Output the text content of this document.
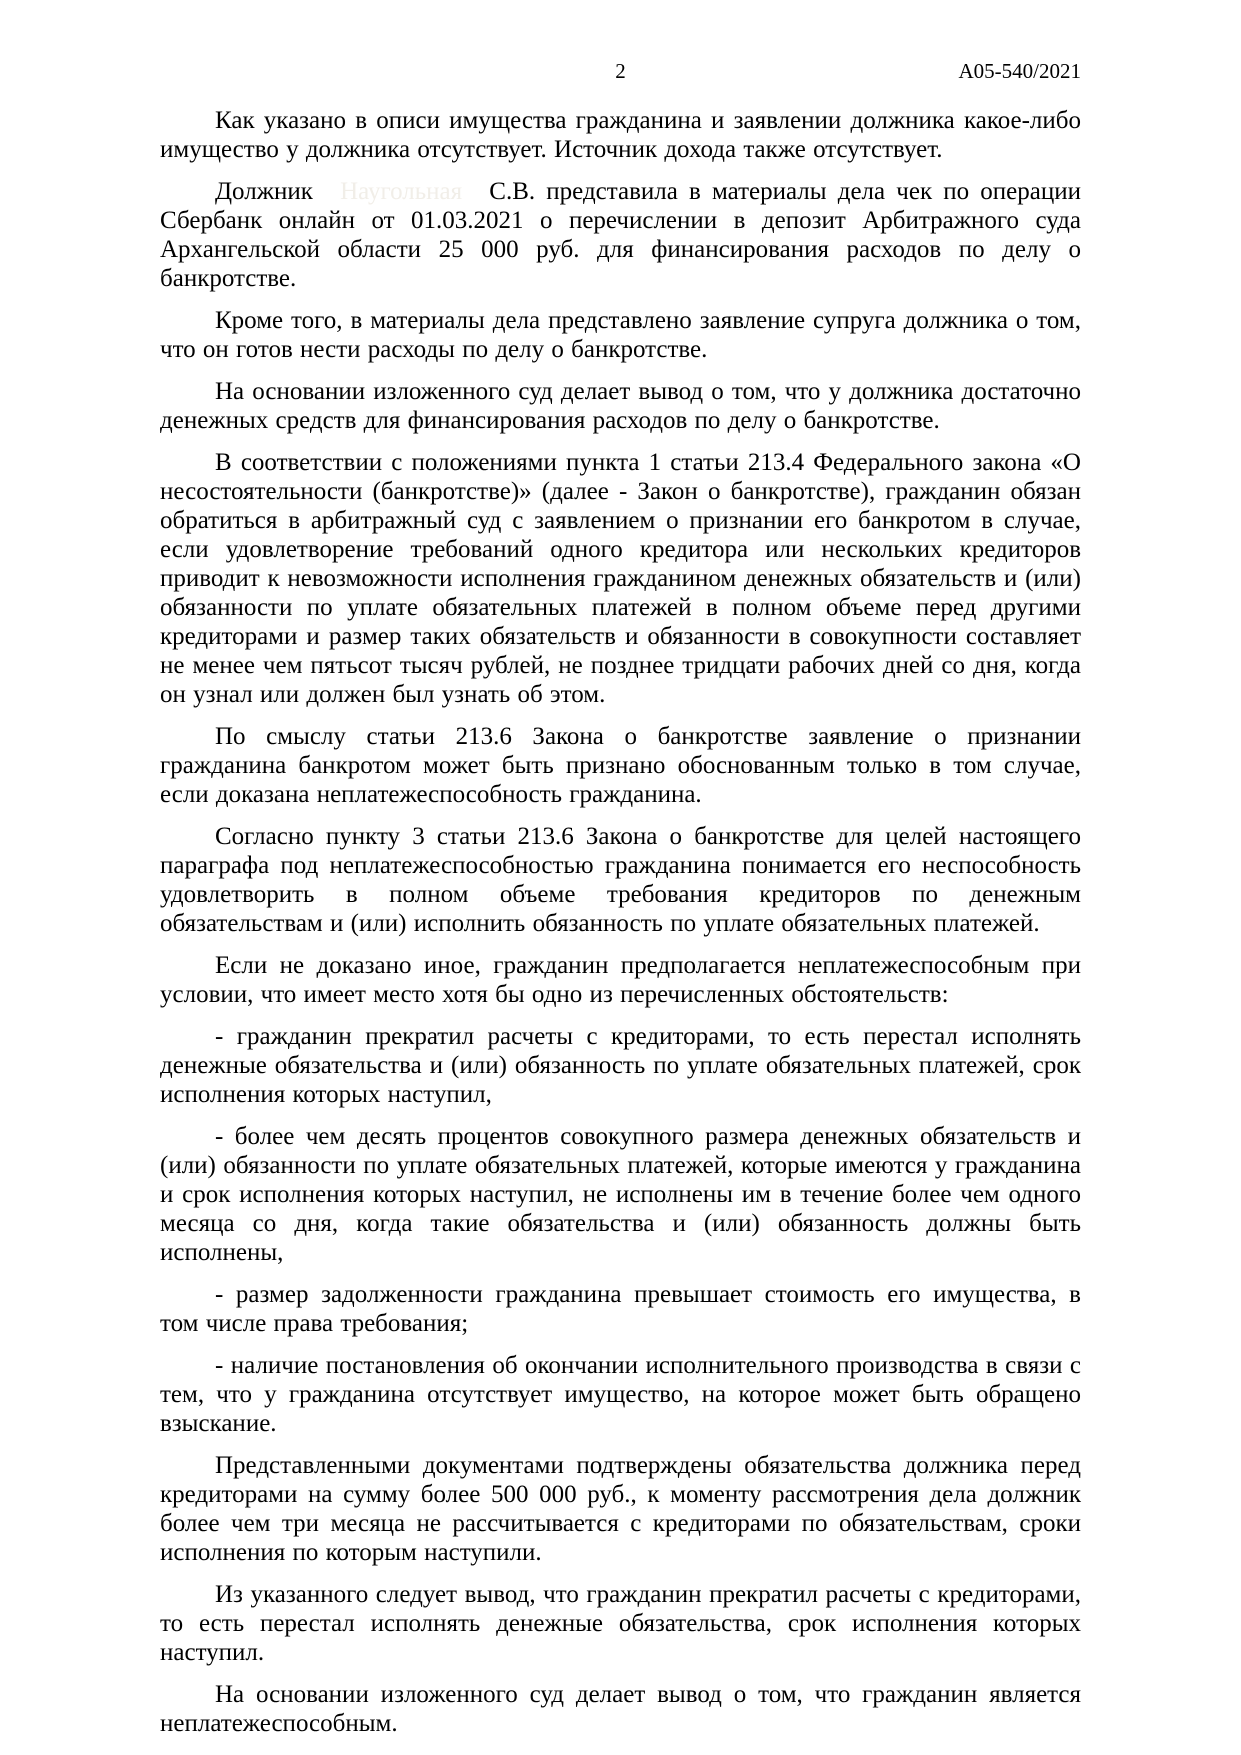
2	А05-540/2021

Как указано в описи имущества гражданина и заявлении должника какое-либо имущество у должника отсутствует. Источник дохода также отсутствует.

Должник Наугольная С.В. представила в материалы дела чек по операции Сбербанк онлайн от 01.03.2021 о перечислении в депозит Арбитражного суда Архангельской области 25 000 руб. для финансирования расходов по делу о банкротстве.

Кроме того, в материалы дела представлено заявление супруга должника о том, что он готов нести расходы по делу о банкротстве.

На основании изложенного суд делает вывод о том, что у должника достаточно денежных средств для финансирования расходов по делу о банкротстве.

В соответствии с положениями пункта 1 статьи 213.4 Федерального закона «О несостоятельности (банкротстве)» (далее - Закон о банкротстве), гражданин обязан обратиться в арбитражный суд с заявлением о признании его банкротом в случае, если удовлетворение требований одного кредитора или нескольких кредиторов приводит к невозможности исполнения гражданином денежных обязательств и (или) обязанности по уплате обязательных платежей в полном объеме перед другими кредиторами и размер таких обязательств и обязанности в совокупности составляет не менее чем пятьсот тысяч рублей, не позднее тридцати рабочих дней со дня, когда он узнал или должен был узнать об этом.

По смыслу статьи 213.6 Закона о банкротстве заявление о признании гражданина банкротом может быть признано обоснованным только в том случае, если доказана неплатежеспособность гражданина.

Согласно пункту 3 статьи 213.6 Закона о банкротстве для целей настоящего параграфа под неплатежеспособностью гражданина понимается его неспособность удовлетворить в полном объеме требования кредиторов по денежным обязательствам и (или) исполнить обязанность по уплате обязательных платежей.

Если не доказано иное, гражданин предполагается неплатежеспособным при условии, что имеет место хотя бы одно из перечисленных обстоятельств:

- гражданин прекратил расчеты с кредиторами, то есть перестал исполнять денежные обязательства и (или) обязанность по уплате обязательных платежей, срок исполнения которых наступил,

- более чем десять процентов совокупного размера денежных обязательств и (или) обязанности по уплате обязательных платежей, которые имеются у гражданина и срок исполнения которых наступил, не исполнены им в течение более чем одного месяца со дня, когда такие обязательства и (или) обязанность должны быть исполнены,

- размер задолженности гражданина превышает стоимость его имущества, в том числе права требования;

- наличие постановления об окончании исполнительного производства в связи с тем, что у гражданина отсутствует имущество, на которое может быть обращено взыскание.

Представленными документами подтверждены обязательства должника перед кредиторами на сумму более 500 000 руб., к моменту рассмотрения дела должник более чем три месяца не рассчитывается с кредиторами по обязательствам, сроки исполнения по которым наступили.

Из указанного следует вывод, что гражданин прекратил расчеты с кредиторами, то есть перестал исполнять денежные обязательства, срок исполнения которых наступил.

На основании изложенного суд делает вывод о том, что гражданин является неплатежеспособным.
